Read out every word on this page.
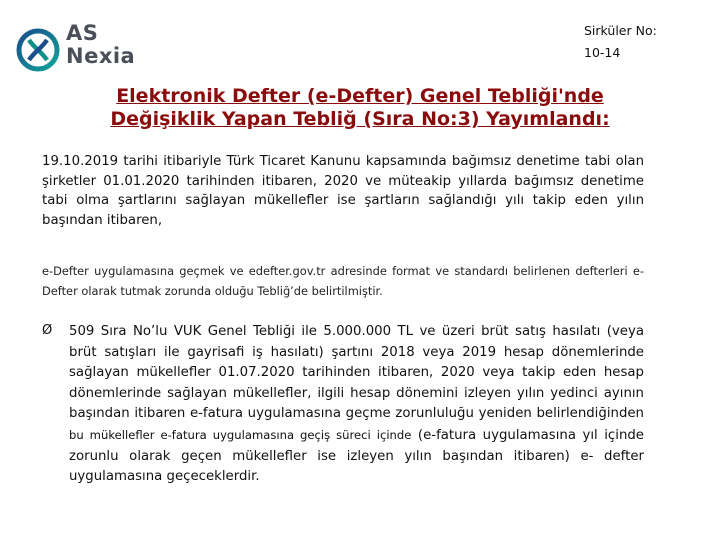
AS
Nexia
Sirküler No:
10-14
Elektronik Defter (e-Defter) Genel Tebliği'nde
Değişiklik Yapan Tebliğ (Sıra No:3) Yayımlandı:
19.10.2019 tarihi itibariyle Türk Ticaret Kanunu kapsamında bağımsız denetime tabi olan şirketler 01.01.2020 tarihinden itibaren, 2020 ve müteakip yıllarda bağımsız denetime tabi olma şartlarını sağlayan mükellefler ise şartların sağlandığı yılı takip eden yılın başından itibaren,
e-Defter uygulamasına geçmek ve edefter.gov.tr adresinde format ve standardı belirlenen defterleri e-Defter olarak tutmak zorunda olduğu Tebliğ’de belirtilmiştir.
Ø 509 Sıra No’lu VUK Genel Tebliği ile 5.000.000 TL ve üzeri brüt satış hasılatı (veya brüt satışları ile gayrisafi iş hasılatı) şartını 2018 veya 2019 hesap dönemlerinde sağlayan mükellefler 01.07.2020 tarihinden itibaren, 2020 veya takip eden hesap dönemlerinde sağlayan mükellefler, ilgili hesap dönemini izleyen yılın yedinci ayının başından itibaren e-fatura uygulamasına geçme zorunluluğu yeniden belirlendiğinden bu mükellefler e-fatura uygulamasına geçiş süreci içinde (e-fatura uygulamasına yıl içinde zorunlu olarak geçen mükellefler ise izleyen yılın başından itibaren) e- defter uygulamasına geçeceklerdir.
